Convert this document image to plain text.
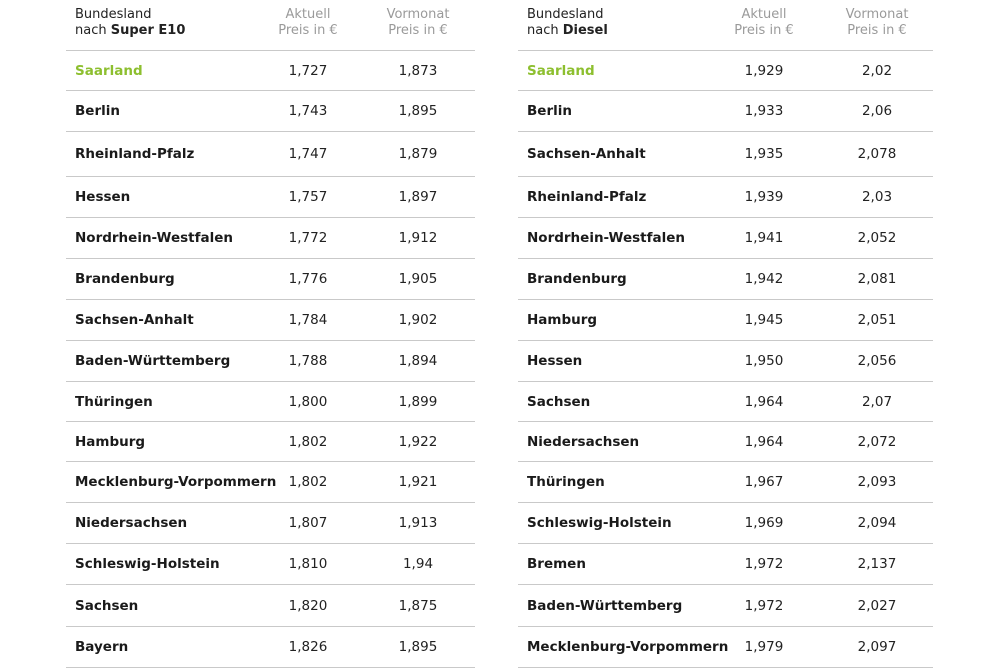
Bundesland
nach Super E10
Aktuell
Preis in €
Vormonat
Preis in €
Saarland	1,727	1,873
Berlin	1,743	1,895
Rheinland-Pfalz	1,747	1,879
Hessen	1,757	1,897
Nordrhein-Westfalen	1,772	1,912
Brandenburg	1,776	1,905
Sachsen-Anhalt	1,784	1,902
Baden-Württemberg	1,788	1,894
Thüringen	1,800	1,899
Hamburg	1,802	1,922
Mecklenburg-Vorpommern 1,802	1,921
Niedersachsen	1,807	1,913
Schleswig-Holstein	1,810	1,94
Sachsen	1,820	1,875
Bayern	1,826	1,895
Bundesland
nach Diesel
Aktuell
Preis in €
Vormonat
Preis in €
Saarland	1,929	2,02
Berlin	1,933	2,06
Sachsen-Anhalt	1,935	2,078
Rheinland-Pfalz	1,939	2,03
Nordrhein-Westfalen	1,941	2,052
Brandenburg	1,942	2,081
Hamburg	1,945	2,051
Hessen	1,950	2,056
Sachsen	1,964	2,07
Niedersachsen	1,964	2,072
Thüringen	1,967	2,093
Schleswig-Holstein	1,969	2,094
Bremen	1,972	2,137
Baden-Württemberg	1,972	2,027
Mecklenburg-Vorpommern	1,979	2,097
